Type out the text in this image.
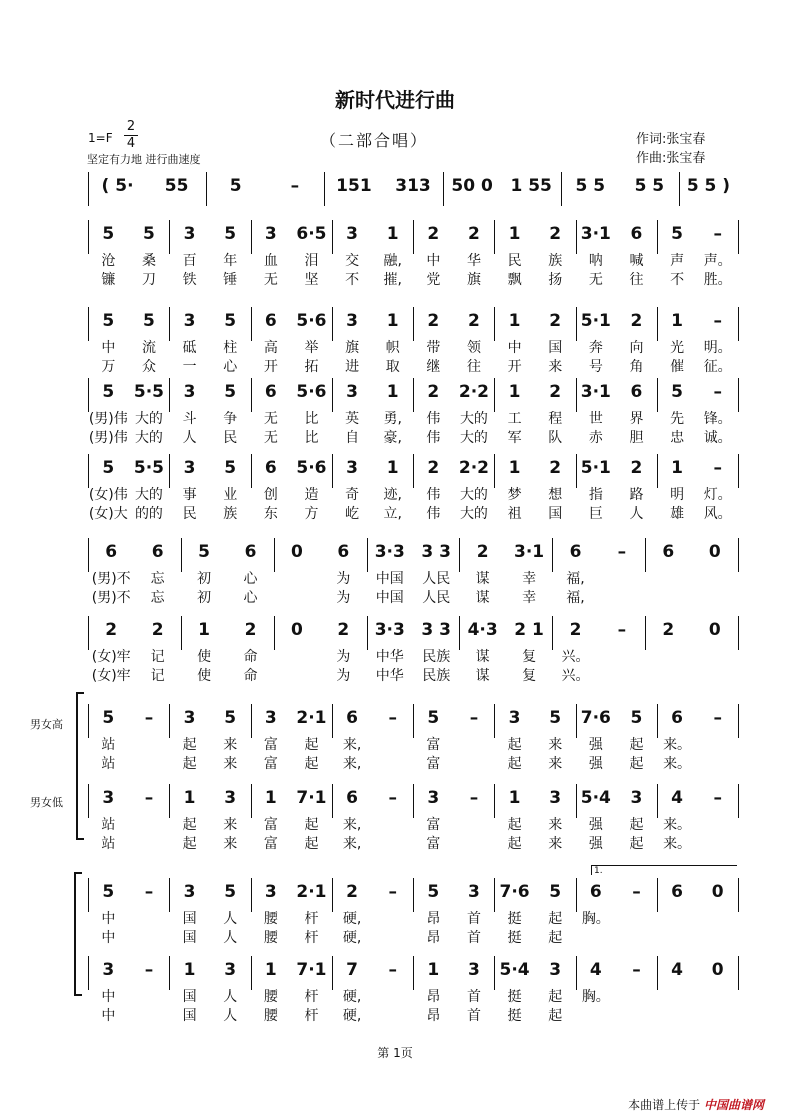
新时代进行曲
1=F
2
4
坚定有力地 进行曲速度
（二部合唱）	作词:张宝春
作曲:张宝春
男女高
男女低
1.
( 5·	55	5	–	151	313	50 0	1 55	5 5	5 5	5 5 )
5	5	3	5	3	6·5	3	1	2	2	1	2	3·1	6	5	–
沧	桑	百	年	血	泪	交	融,	中	华	民	族	呐	喊	声	声。
镰	刀	铁	锤	无	坚	不	摧,	党	旗	飘	扬	无	往	不	胜。
5	5	3	5	6	5·6	3	1	2	2	1	2	5·1	2	1	–
中	流	砥	柱	高	举	旗	帜	带	领	中	国	奔	向	光	明。
万	众	一	心	开	拓	进	取	继	往	开	来	号	角	催	征。
5	5·5	3	5	6	5·6	3	1	2	2·2	1	2	3·1	6	5	–
(男)伟 大的	斗	争	无	比	英	勇,	伟	大的	工	程	世	界	先	锋。
(男)伟 大的	人	民	无	比	自	豪,	伟	大的	军	队	赤	胆	忠	诚。
5	5·5	3	5	6	5·6	3	1	2	2·2	1	2	5·1	2	1	–
(女)伟 大的	事	业	创	造	奇	迹,	伟	大的	梦	想	指	路	明	灯。
(女)大 的的	民	族	东	方	屹	立,	伟	大的	祖	国	巨	人	雄	风。
6	6	5	6	0	6	3·3 3 3	2	3·1	6	–	6	0
(男)不	忘	初	心	为	中国	人民	谋	幸	福,
(男)不	忘	初	心	为	中国	人民	谋	幸	福,
2	2	1	2	0	2	3·3 3 3 4·3 2 1	2	–	2	0
(女)牢	记	使	命	为	中华	民族	谋	复	兴。
(女)牢	记	使	命	为	中华	民族	谋	复	兴。
5	–	3	5	3	2·1	6	–	5	–	3	5	7·6	5	6	–
站	起	来	富	起	来,	富	起	来	强	起	来。
站	起	来	富	起	来,	富	起	来	强	起	来。
3	–	1	3	1	7·1	6	–	3	–	1	3	5·4	3	4	–
站	起	来	富	起	来,	富	起	来	强	起	来。
站	起	来	富	起	来,	富	起	来	强	起	来。
5	–	3	5	3	2·1	2	–	5	3	7·6	5	6	–	6	0
中	国	人	腰	杆	硬,	昂	首	挺	起	胸。
中	国	人	腰	杆	硬,	昂	首	挺	起
3	–	1	3	1	7·1	7	–	1	3	5·4	3	4	–	4	0
中	国	人	腰	杆	硬,	昂	首	挺	起	胸。
中	国	人	腰	杆	硬,	昂	首	挺	起
第 1页
本曲谱上传于 中国曲谱网
